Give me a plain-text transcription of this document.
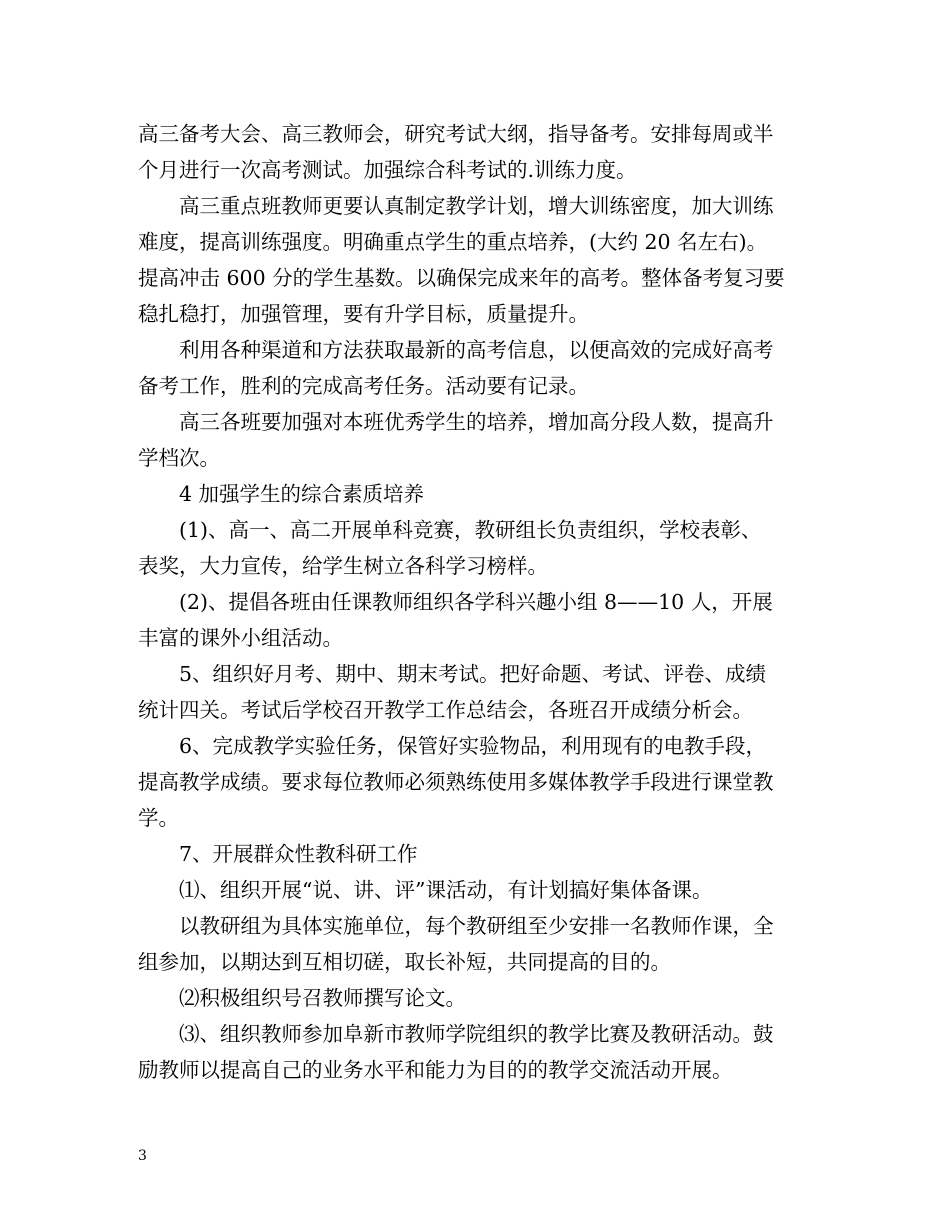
高三备考大会、高三教师会，研究考试大纲，指导备考。安排每周或半
个月进行一次高考测试。加强综合科考试的.训练力度。
高三重点班教师更要认真制定教学计划，增大训练密度，加大训练
难度，提高训练强度。明确重点学生的重点培养，(大约 20 名左右)。
提高冲击 600 分的学生基数。以确保完成来年的高考。整体备考复习要
稳扎稳打，加强管理，要有升学目标，质量提升。
利用各种渠道和方法获取最新的高考信息，以便高效的完成好高考
备考工作，胜利的完成高考任务。活动要有记录。
高三各班要加强对本班优秀学生的培养，增加高分段人数，提高升
学档次。
4 加强学生的综合素质培养
(1)、高一、高二开展单科竞赛，教研组长负责组织，学校表彰、
表奖，大力宣传，给学生树立各科学习榜样。
(2)、提倡各班由任课教师组织各学科兴趣小组 8——10 人，开展
丰富的课外小组活动。
5、组织好月考、期中、期末考试。把好命题、考试、评卷、成绩
统计四关。考试后学校召开教学工作总结会，各班召开成绩分析会。
6、完成教学实验任务，保管好实验物品，利用现有的电教手段，
提高教学成绩。要求每位教师必须熟练使用多媒体教学手段进行课堂教
学。
7、开展群众性教科研工作
⑴、组织开展“说、讲、评”课活动，有计划搞好集体备课。
以教研组为具体实施单位，每个教研组至少安排一名教师作课，全
组参加，以期达到互相切磋，取长补短，共同提高的目的。
⑵积极组织号召教师撰写论文。
⑶、组织教师参加阜新市教师学院组织的教学比赛及教研活动。鼓
励教师以提高自己的业务水平和能力为目的的教学交流活动开展。
3
